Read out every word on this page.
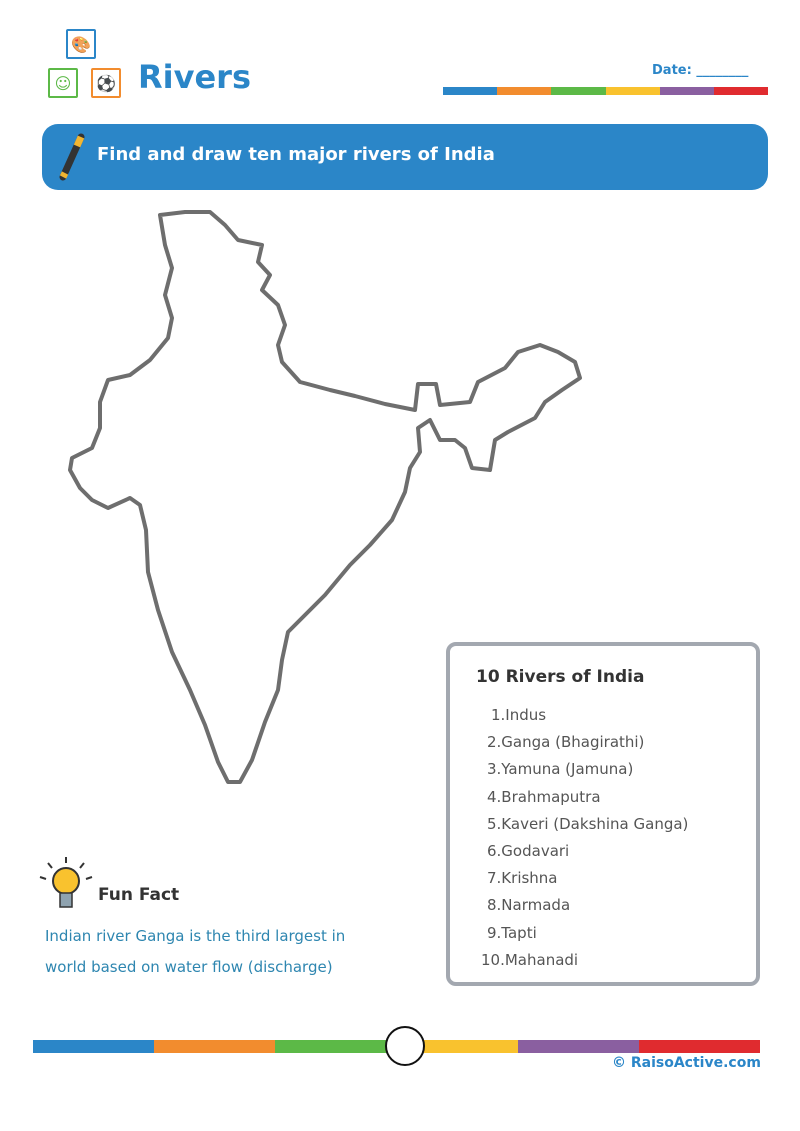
🎨
☺	⚽ Rivers	Date: ________
Find and draw ten major rivers of India
10 Rivers of India
1.Indus
2.Ganga (Bhagirathi)
3.Yamuna (Jamuna)
4.Brahmaputra
5.Kaveri (Dakshina Ganga)
6.Godavari
7.Krishna
8.Narmada
9.Tapti
10.Mahanadi
Fun Fact
Indian river Ganga is the third largest in
world based on water flow (discharge)
© RaisoActive.com
